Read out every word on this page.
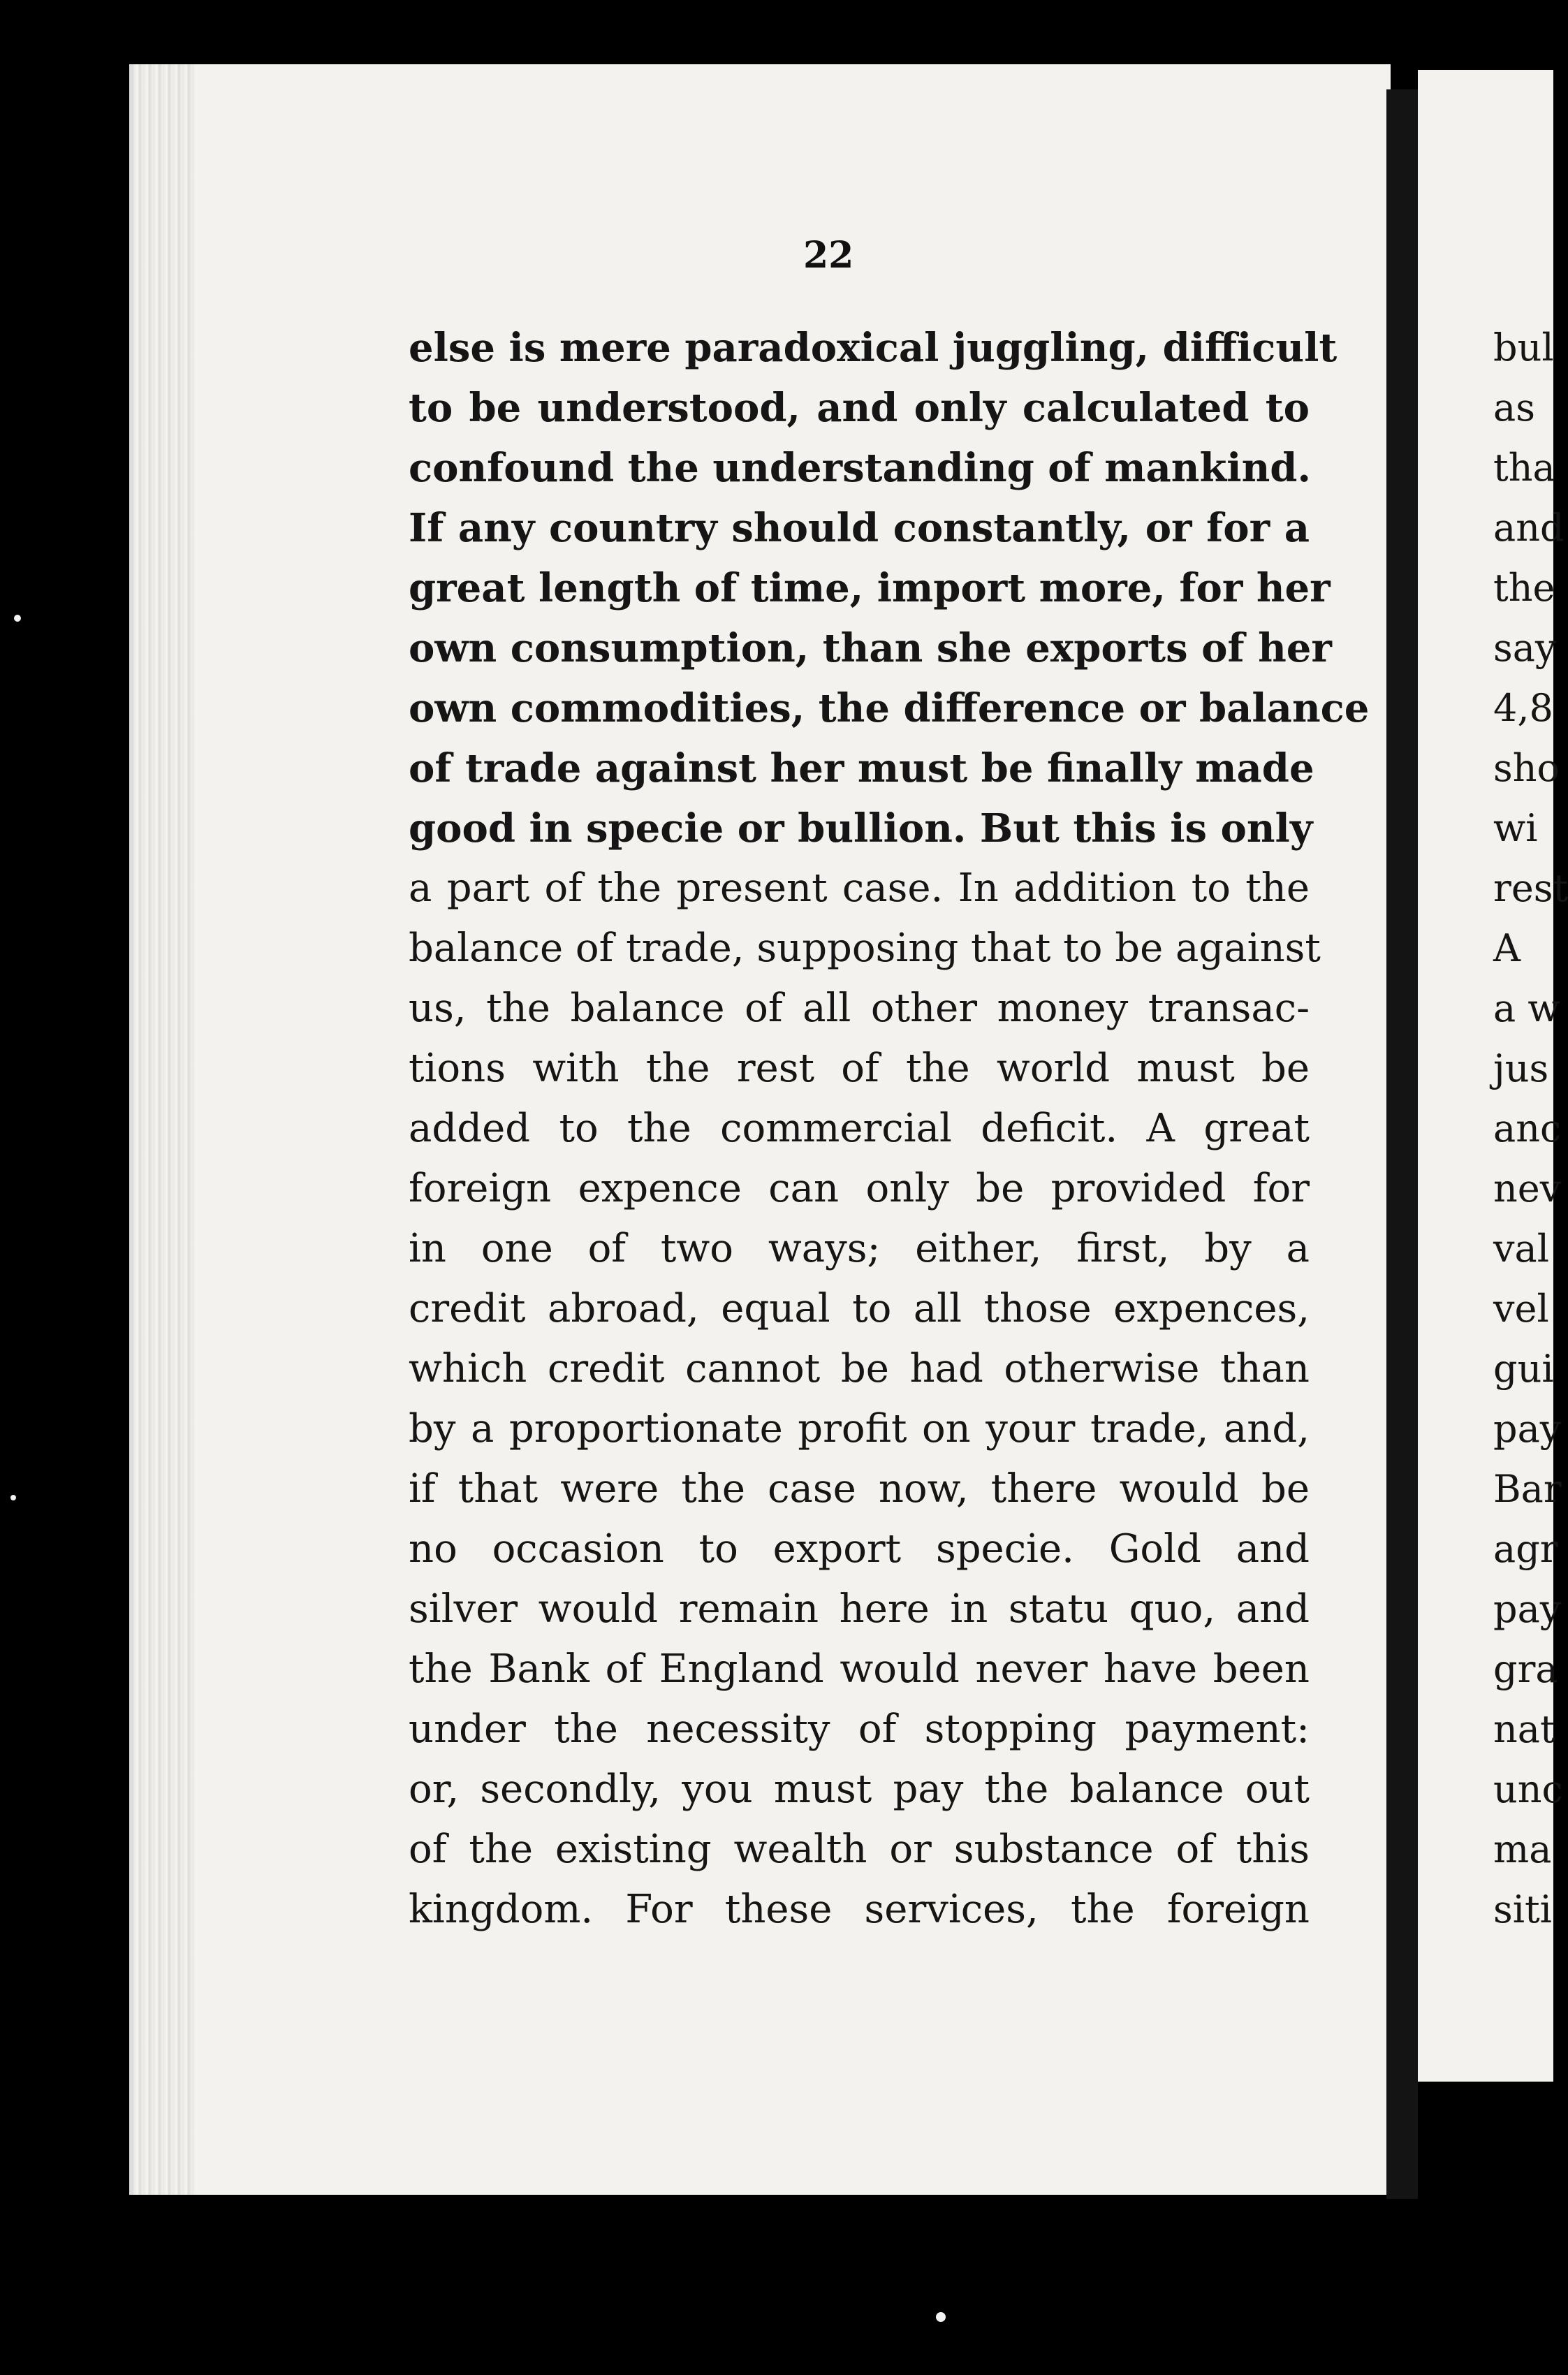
22
else is mere paradoxical juggling, difficult
to be understood, and only calculated to
confound the understanding of mankind.
If any country should constantly, or for a
great length of time, import more, for her
own consumption, than she exports of her
own commodities, the difference or balance
of trade against her must be finally made
good in specie or bullion. But this is only
a part of the present case. In addition to the
balance of trade, supposing that to be against
us, the balance of all other money transac-
tions with the rest of the world must be
added to the commercial deficit. A great
foreign expence can only be provided for
in one of two ways; either, first, by a
credit abroad, equal to all those expences,
which credit cannot be had otherwise than
by a proportionate profit on your trade, and,
if that were the case now, there would be
no occasion to export specie. Gold and
silver would remain here in statu quo, and
the Bank of England would never have been
under the necessity of stopping payment:
or, secondly, you must pay the balance out
of the existing wealth or substance of this
kingdom. For these services, the foreign
bul
as
tha
and
the
say
4,8
sho
wi
rest
A
a w
jus
anc
nev
val
vel
gui
pay
Bar
agr
pay
gra
nat
unc
ma
siti
